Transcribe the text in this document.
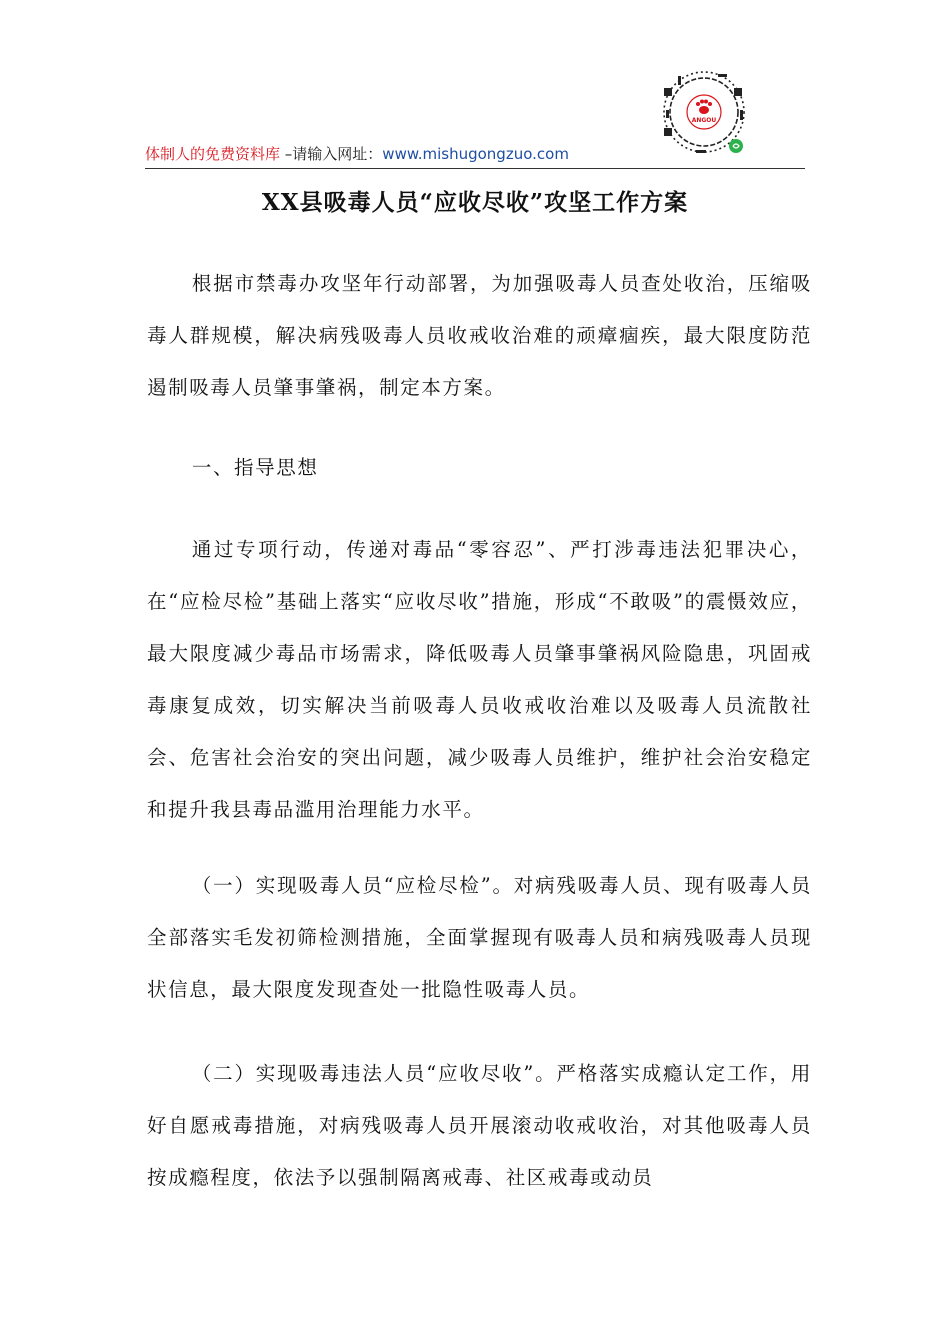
体制人的免费资料库 –请输入网址：www.mishugongzuo.com
ANGOU
XX县吸毒人员“应收尽收”攻坚工作方案

根据市禁毒办攻坚年行动部署，为加强吸毒人员查处收治，压缩吸毒人群规模，解决病残吸毒人员收戒收治难的顽瘴痼疾，最大限度防范遏制吸毒人员肇事肇祸，制定本方案。

一、指导思想

通过专项行动，传递对毒品“零容忍”、严打涉毒违法犯罪决心，在“应检尽检”基础上落实“应收尽收”措施，形成“不敢吸”的震慑效应，最大限度减少毒品市场需求，降低吸毒人员肇事肇祸风险隐患，巩固戒毒康复成效，切实解决当前吸毒人员收戒收治难以及吸毒人员流散社会、危害社会治安的突出问题，减少吸毒人员维护，维护社会治安稳定和提升我县毒品滥用治理能力水平。

（一）实现吸毒人员“应检尽检”。对病残吸毒人员、现有吸毒人员全部落实毛发初筛检测措施，全面掌握现有吸毒人员和病残吸毒人员现状信息，最大限度发现查处一批隐性吸毒人员。

（二）实现吸毒违法人员“应收尽收”。严格落实成瘾认定工作，用好自愿戒毒措施，对病残吸毒人员开展滚动收戒收治，对其他吸毒人员按成瘾程度，依法予以强制隔离戒毒、社区戒毒或动员
